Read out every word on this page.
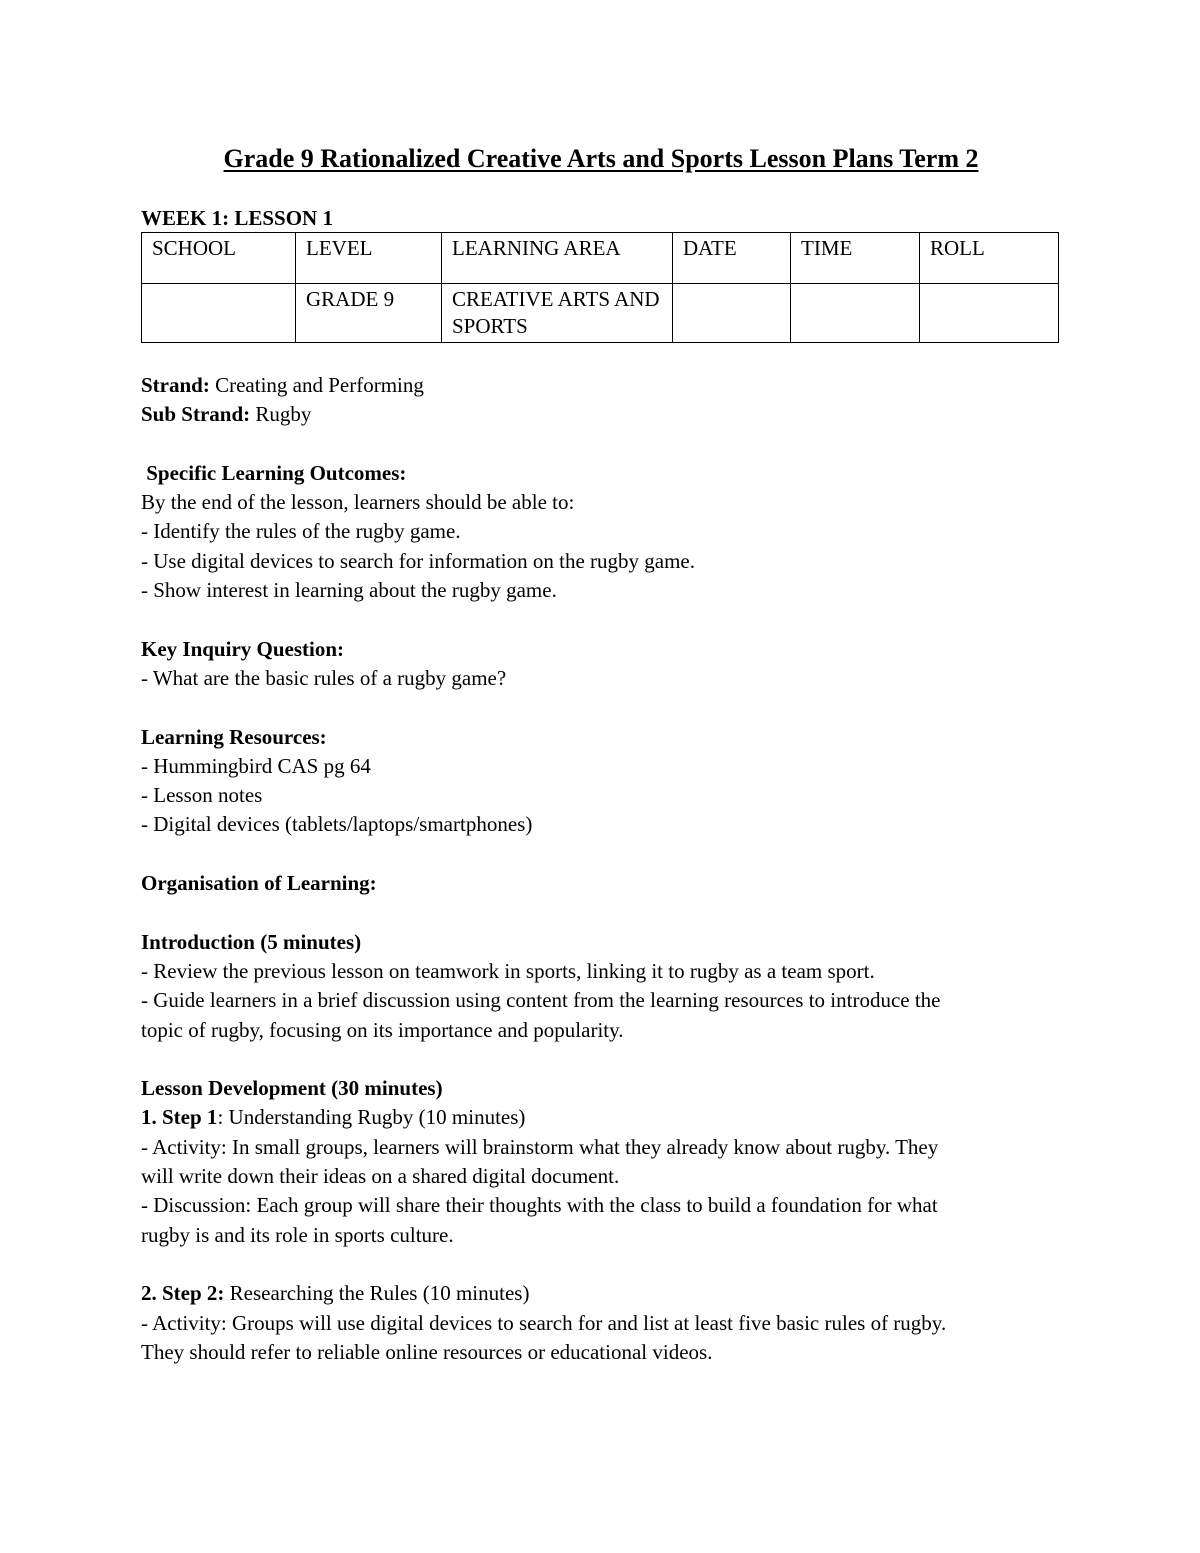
Grade 9 Rationalized Creative Arts and Sports Lesson Plans Term 2
WEEK 1: LESSON 1
SCHOOL	LEVEL	LEARNING AREA	DATE	TIME	ROLL
	GRADE 9	CREATIVE ARTS AND SPORTS			

Strand: Creating and Performing

Sub Strand: Rugby

Specific Learning Outcomes:

By the end of the lesson, learners should be able to:

- Identify the rules of the rugby game.

- Use digital devices to search for information on the rugby game.

- Show interest in learning about the rugby game.

Key Inquiry Question:

- What are the basic rules of a rugby game?

Learning Resources:

- Hummingbird CAS pg 64

- Lesson notes

- Digital devices (tablets/laptops/smartphones)

Organisation of Learning:

Introduction (5 minutes)

- Review the previous lesson on teamwork in sports, linking it to rugby as a team sport.

- Guide learners in a brief discussion using content from the learning resources to introduce the

topic of rugby, focusing on its importance and popularity.

Lesson Development (30 minutes)

1. Step 1: Understanding Rugby (10 minutes)

- Activity: In small groups, learners will brainstorm what they already know about rugby. They

will write down their ideas on a shared digital document.

- Discussion: Each group will share their thoughts with the class to build a foundation for what

rugby is and its role in sports culture.

2. Step 2: Researching the Rules (10 minutes)

- Activity: Groups will use digital devices to search for and list at least five basic rules of rugby.

They should refer to reliable online resources or educational videos.
